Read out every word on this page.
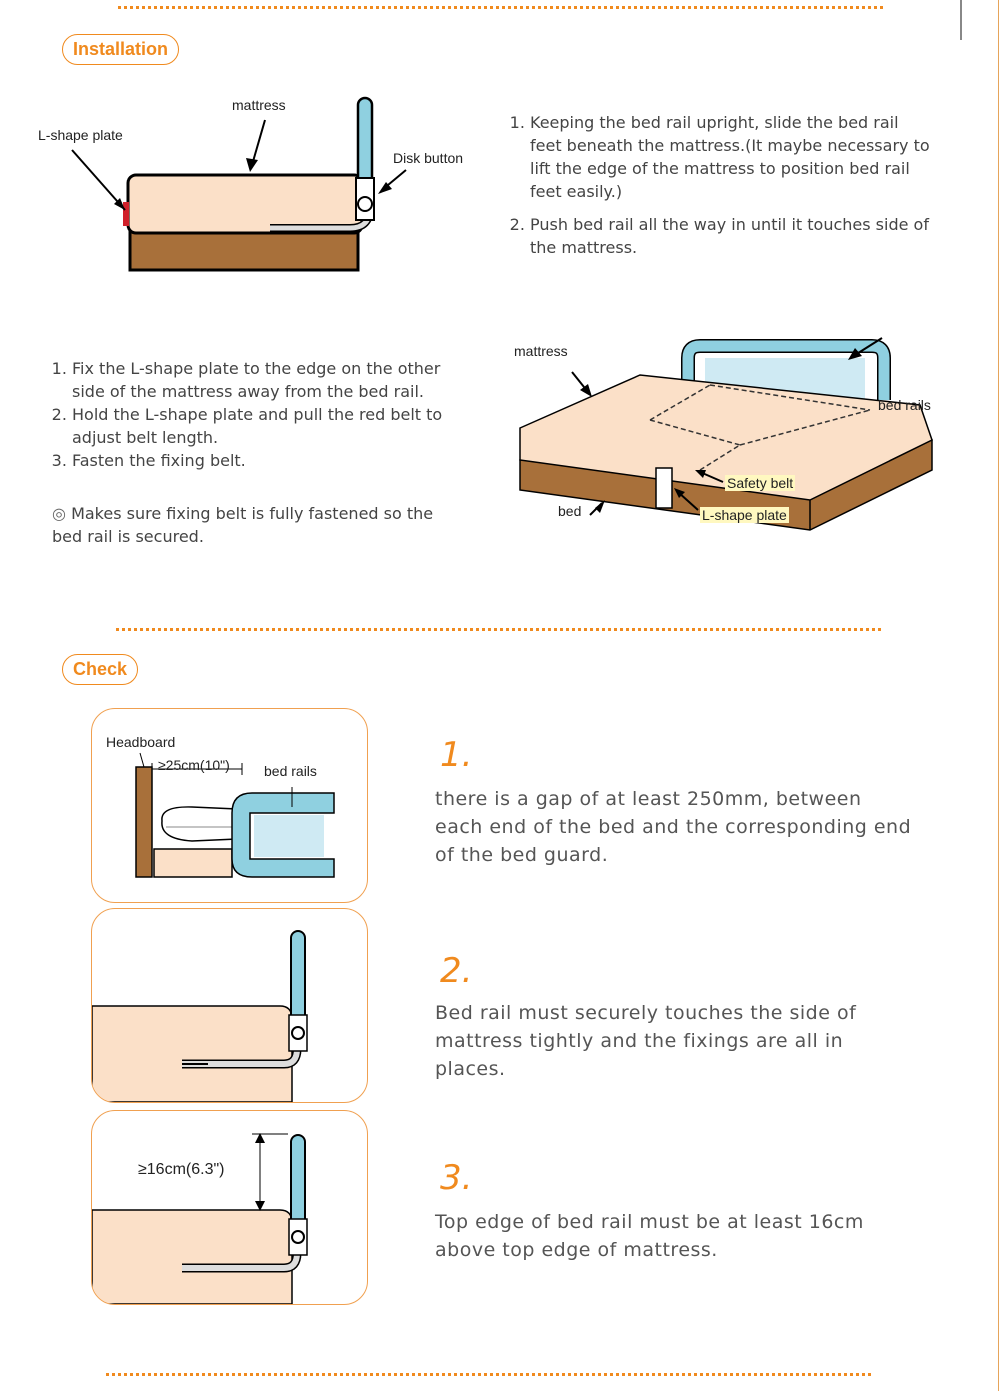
Installation
mattress
L-shape plate
Disk button
1. Keeping the bed rail upright, slide the bed rail feet beneath the mattress.(It maybe necessary to lift the edge of the mattress to position bed rail feet easily.)
2. Push bed rail all the way in until it touches side of the mattress.
1. Fix the L-shape plate to the edge on the other side of the mattress away from the bed rail.
2. Hold the L-shape plate and pull the red belt to adjust belt length.
3. Fasten the fixing belt.
◎ Makes sure fixing belt is fully fastened so the bed rail is secured.
mattress
bed rails
Safety belt
bed	L-shape plate
Check
Headboard
≥25cm(10") bed rails
≥16cm(6.3")
1.
there is a gap of at least 250mm, between each end of the bed and the corresponding end of the bed guard.
2.
Bed rail must securely touches the side of mattress tightly and the fixings are all in places.
3.
Top edge of bed rail must be at least 16cm above top edge of mattress.
